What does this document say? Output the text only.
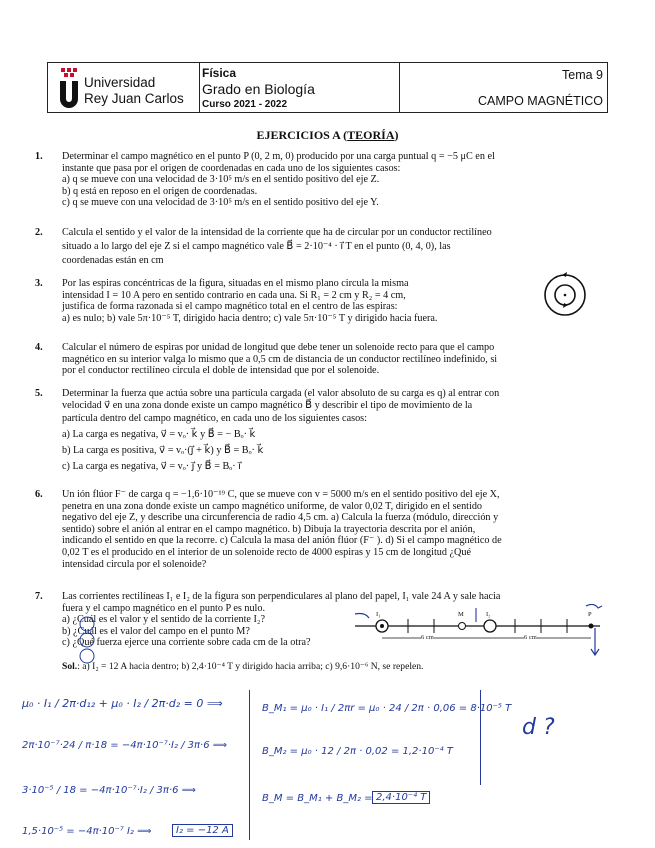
Universidad
Rey Juan Carlos
Física
Grado en Biología
Curso 2021 - 2022
Tema 9
CAMPO MAGNÉTICO
EJERCICIOS A (TEORÍA)
1. Determinar el campo magnético en el punto P (0, 2 m, 0) producido por una carga puntual q = −5 μC en el
instante que pasa por el origen de coordenadas en cada uno de los siguientes casos:
a) q se mueve con una velocidad de 3·10⁵ m/s en el sentido positivo del eje Z.
b) q está en reposo en el origen de coordenadas.
c) q se mueve con una velocidad de 3·10⁵ m/s en el sentido positivo del eje Y.
2. Calcula el sentido y el valor de la intensidad de la corriente que ha de circular por un conductor rectilíneo
situado a lo largo del eje Z si el campo magnético vale B⃗ = 2·10⁻⁴ · i⃗ T en el punto (0, 4, 0), las
coordenadas están en cm
3. Por las espiras concéntricas de la figura, situadas en el mismo plano circula la misma
intensidad I = 10 A pero en sentido contrario en cada una. Si R₁ = 2 cm y R₂ = 4 cm,
justifica de forma razonada si el campo magnético total en el centro de las espiras:
a) es nulo; b) vale 5π·10⁻⁵ T, dirigido hacia dentro; c) vale 5π·10⁻⁵ T y dirigido hacia fuera.
4. Calcular el número de espiras por unidad de longitud que debe tener un solenoide recto para que el campo
magnético en su interior valga lo mismo que a 0,5 cm de distancia de un conductor rectilíneo indefinido, si
por el conductor rectilíneo circula el doble de intensidad que por el solenoide.
5. Determinar la fuerza que actúa sobre una partícula cargada (el valor absoluto de su carga es q) al entrar con
velocidad v⃗ en una zona donde existe un campo magnético B⃗ y describir el tipo de movimiento de la
partícula dentro del campo magnético, en cada uno de los siguientes casos:
a) La carga es negativa, v⃗ = vₒ· k⃗ y B⃗ = − Bₒ· k⃗
b) La carga es positiva, v⃗ = vₒ·(j⃗ + k⃗) y B⃗ = Bₒ· k⃗
c) La carga es negativa, v⃗ = vₒ· j⃗ y B⃗ = Bₒ· i⃗
6. Un ión flúor F⁻ de carga q = −1,6·10⁻¹⁹ C, que se mueve con v = 5000 m/s en el sentido positivo del eje X,
penetra en una zona donde existe un campo magnético uniforme, de valor 0,02 T, dirigido en el sentido
negativo del eje Z, y describe una circunferencia de radio 4,5 cm. a) Calcula la fuerza (módulo, dirección y
sentido) sobre el anión al entrar en el campo magnético. b) Dibuja la trayectoria descrita por el anión,
indicando el sentido en que la recorre. c) Calcula la masa del anión flúor (F⁻ ). d) Si el campo magnético de
0,02 T es el producido en el interior de un solenoide recto de 4000 espiras y 15 cm de longitud ¿Qué
intensidad circula por el solenoide?
7. Las corrientes rectilíneas I₁ e I₂ de la figura son perpendiculares al plano del papel, I₁ vale 24 A y sale hacia
fuera y el campo magnético en el punto P es nulo.
a) ¿Cuál es el valor y el sentido de la corriente I₂?
b) ¿Cuál es el valor del campo en el punto M?
c) ¿Qué fuerza ejerce una corriente sobre cada cm de la otra?
Sol.: a) I₂ = 12 A hacia dentro; b) 2,4·10⁻⁴ T y dirigido hacia arriba; c) 9,6·10⁻⁶ N, se repelen.
I₁	M	I₂	P
6 cm	6 cm
μ₀ · I₁ / 2π·d₁₂ + μ₀ · I₂ / 2π·d₂ = 0 ⟹
2π·10⁻⁷·24 / π·18 = −4π·10⁻⁷·I₂ / 3π·6 ⟹
3·10⁻⁵ / 18 = −4π·10⁻⁷·I₂ / 3π·6 ⟹
1,5·10⁻⁵ = −4π·10⁻⁷ I₂ ⟹	I₂ = −12 A
B_M₁ = μ₀ · I₁ / 2πr = μ₀ · 24 / 2π · 0,06 = 8·10⁻⁵ T
B_M₂ = μ₀ · 12 / 2π · 0,02 = 1,2·10⁻⁴ T
B_M = B_M₁ + B_M₂ = 2,4·10⁻⁴ T
d ?
